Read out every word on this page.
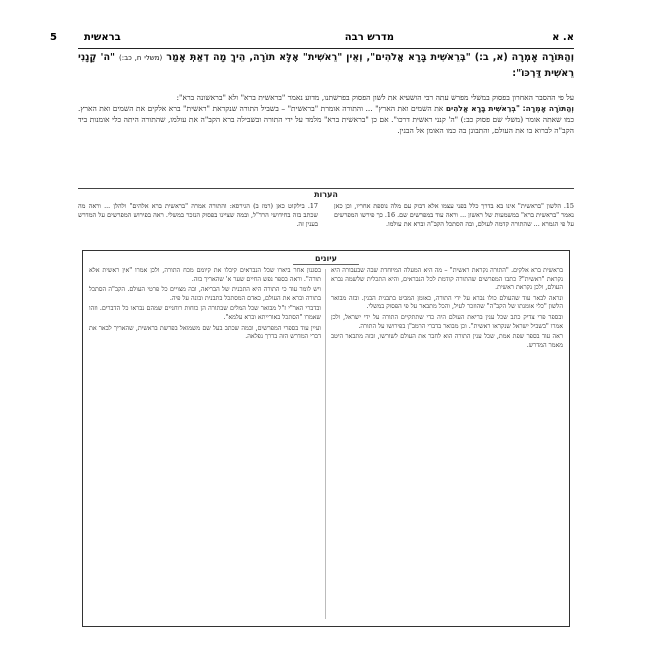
א. א
מדרש רבה
בראשית
5
וְהַתּוֹרָה אָמְרָה (א, ב:) "בְּרֵאשִׁית בָּרָא אֱלֹהִים", וְאֵין "רֵאשִׁית" אֶלָּא תוֹרָה, הֵיךְ מָה דְאַתְּ אָמַר (משלי ח, כב:) "ה' קָנָנִי רֵאשִׁית דַּרְכּוֹ":

על פי ההסבר האחרון בפסוק במשלי מפרש עתה רבי הושעיא את לשון הפסוק בפרשתנו, מדוע נאמר "בראשית ברא" ולא "בראשונה ברא":

וְהַתּוֹרָה אָמְרָה: "בְּרֵאשִׁית בָּרָא אֱלֹהִים את השמים ואת הארץ" ... והתורה אומרת "בראשית" – בשביל התורה שנקראת "ראשית" ברא אלקים את השמים ואת הארץ. כמו שאתה אומר (משלי שם פסוק כב:) "ה' קנני ראשית דרכו". אם כן "בראשית ברא" מלמד על ידי התורה ובשבילה ברא הקב"ה את עולמו, שהתורה היתה כלי אומנות ביד הקב"ה לברוא בו את העולם, והתבונן בה כמו האומן אל הבנין.

הערות
15. הלשון "בראשית" אינו בא בדרך כלל בפני עצמו אלא דבוק עם מלה נוספת אחריו, וכן כאן נאמר "בראשית ברא" במשמעות של ראשון ... וראה עוד במפרשים שם. 16. כך פירשו המפרשים על פי הגמרא ... שהתורה קדמה לעולם, ובה הסתכל הקב"ה וברא את עולמו.
17. בילקוט כאן (רמז ב) הגירסא: והתורה אמרה "בראשית ברא אלהים" ולהלן ... וראה מה שכתב בזה בחידושי הרד"ל, ובמה שציינו בפסוק הנזכר במשלי. ראה בפירוש המפרשים על המדרש בענין זה.
עיונים

בראשית ברא אלקים. "התורה נקראת ראשית" – מה היא המעלה המיוחדת שבה שבעבורה היא נקראת "ראשית"? כתבו המפרשים שהתורה קודמת לכל הנבראים, והיא התכלית שלשמה נברא העולם, ולכן נקראת ראשית.

ונראה לבאר עוד שהעולם כולו נברא על ידי התורה, כאומן המביט בתבנית הבנין. ובזה מבואר הלשון "כלי אומנתו של הקב"ה" שהוזכר לעיל, והכל מתבאר על פי הפסוק במשלי.

ובספר פרי צדיק כתב שכל ענין בריאת העולם היה כדי שתתקיים התורה על ידי ישראל, ולכן אמרו "בשביל ישראל שנקראו ראשית". וכן מבואר בדברי הרמב"ן בפירושו על התורה.

ראה עוד בספר שפת אמת, שכל ענין התורה הוא לחבר את העולם לשורשו, ובזה מתבאר היטב מאמר המדרש.

בסגנון אחר ביארו שכל הנבראים קיבלו את קיומם מכח התורה, ולכן אמרו "אין ראשית אלא תורה". וראה בספר נפש החיים שער א' שהאריך בזה.

ויש לומר עוד כי התורה היא התכנית של הבריאה, ובה מצויים כל פרטי העולם. הקב"ה הסתכל בתורה וברא את העולם, כאדם המסתכל בתבנית ובונה על פיה.

ובדברי האר"י ז"ל מבואר שכל המלים שבתורה הן כוחות רוחניים שמהם נבראו כל הדברים. וזהו שאמרו "הסתכל באורייתא וברא עלמא".

ועיין עוד בספרי המפרשים, ובמה שכתב בעל שם משמואל בפרשת בראשית, שהאריך לבאר את דברי המדרש הזה בדרך נפלאה.
